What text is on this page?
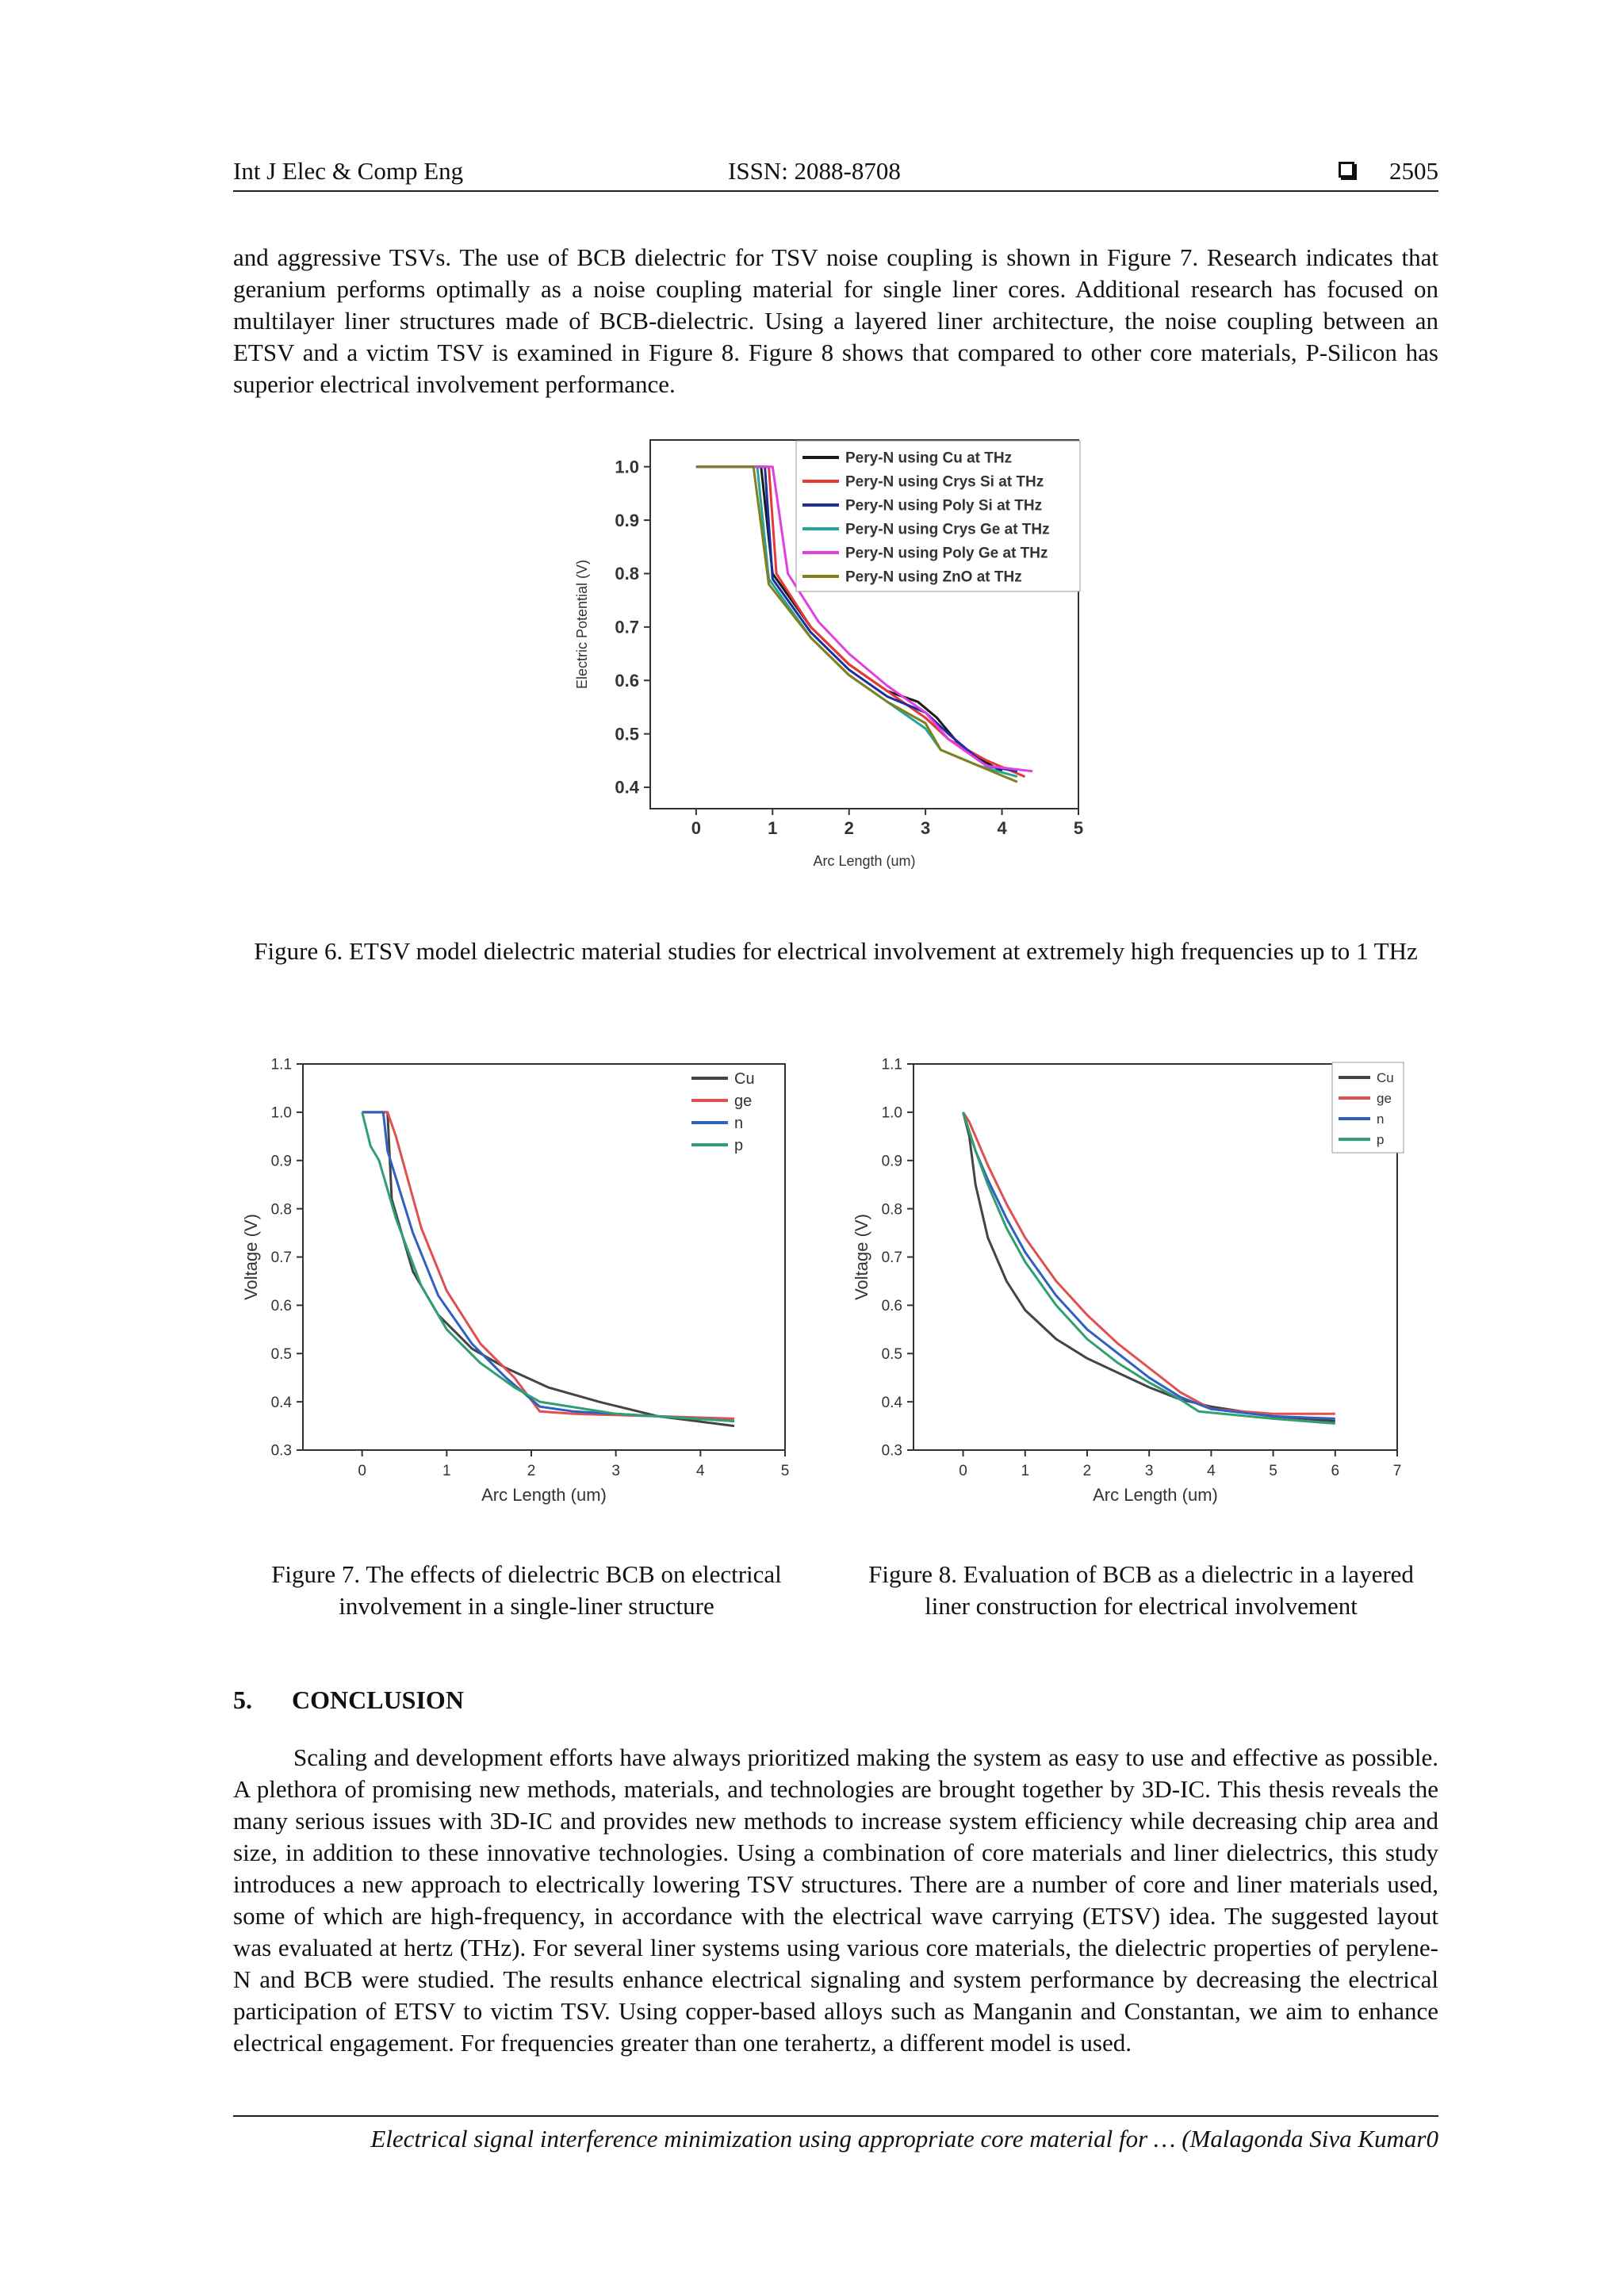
Int J Elec & Comp Eng	ISSN: 2088-8708	2505

and aggressive TSVs. The use of BCB dielectric for TSV noise coupling is shown in Figure 7. Research indicates that geranium performs optimally as a noise coupling material for single liner cores. Additional research has focused on multilayer liner structures made of BCB-dielectric. Using a layered liner architecture, the noise coupling between an ETSV and a victim TSV is examined in Figure 8. Figure 8 shows that compared to other core materials, P-Silicon has superior electrical involvement performance.

0	1	2	3	4	5
0.4
0.5
0.6
0.7
0.8
0.9
1.0
Arc Length (um)
Electric Potential (V)
Pery-N using Cu at THz
Pery-N using Crys Si at THz
Pery-N using Poly Si at THz
Pery-N using Crys Ge at THz
Pery-N using Poly Ge at THz
Pery-N using ZnO at THz
Figure 6. ETSV model dielectric material studies for electrical involvement at extremely high frequencies up to 1 THz
0	1	2	3	4	5
0.3
0.4
0.5
0.6
0.7
0.8
0.9
1.0
1.1
Arc Length (um)
Voltage (V)
Cu
ge
n
p
Figure 7. The effects of dielectric BCB on electrical involvement in a single-liner structure
0	1	2	3	4	5	6	7
0.3
0.4
0.5
0.6
0.7
0.8
0.9
1.0
1.1
Arc Length (um)
Voltage (V)
Cu
ge
n
p
Figure 8. Evaluation of BCB as a dielectric in a layered liner construction for electrical involvement
5. CONCLUSION

Scaling and development efforts have always prioritized making the system as easy to use and effective as possible. A plethora of promising new methods, materials, and technologies are brought together by 3D-IC. This thesis reveals the many serious issues with 3D-IC and provides new methods to increase system efficiency while decreasing chip area and size, in addition to these innovative technologies. Using a combination of core materials and liner dielectrics, this study introduces a new approach to electrically lowering TSV structures. There are a number of core and liner materials used, some of which are high-frequency, in accordance with the electrical wave carrying (ETSV) idea. The suggested layout was evaluated at hertz (THz). For several liner systems using various core materials, the dielectric properties of perylene-N and BCB were studied. The results enhance electrical signaling and system performance by decreasing the electrical participation of ETSV to victim TSV. Using copper-based alloys such as Manganin and Constantan, we aim to enhance electrical engagement. For frequencies greater than one terahertz, a different model is used.

Electrical signal interference minimization using appropriate core material for … (Malagonda Siva Kumar0
